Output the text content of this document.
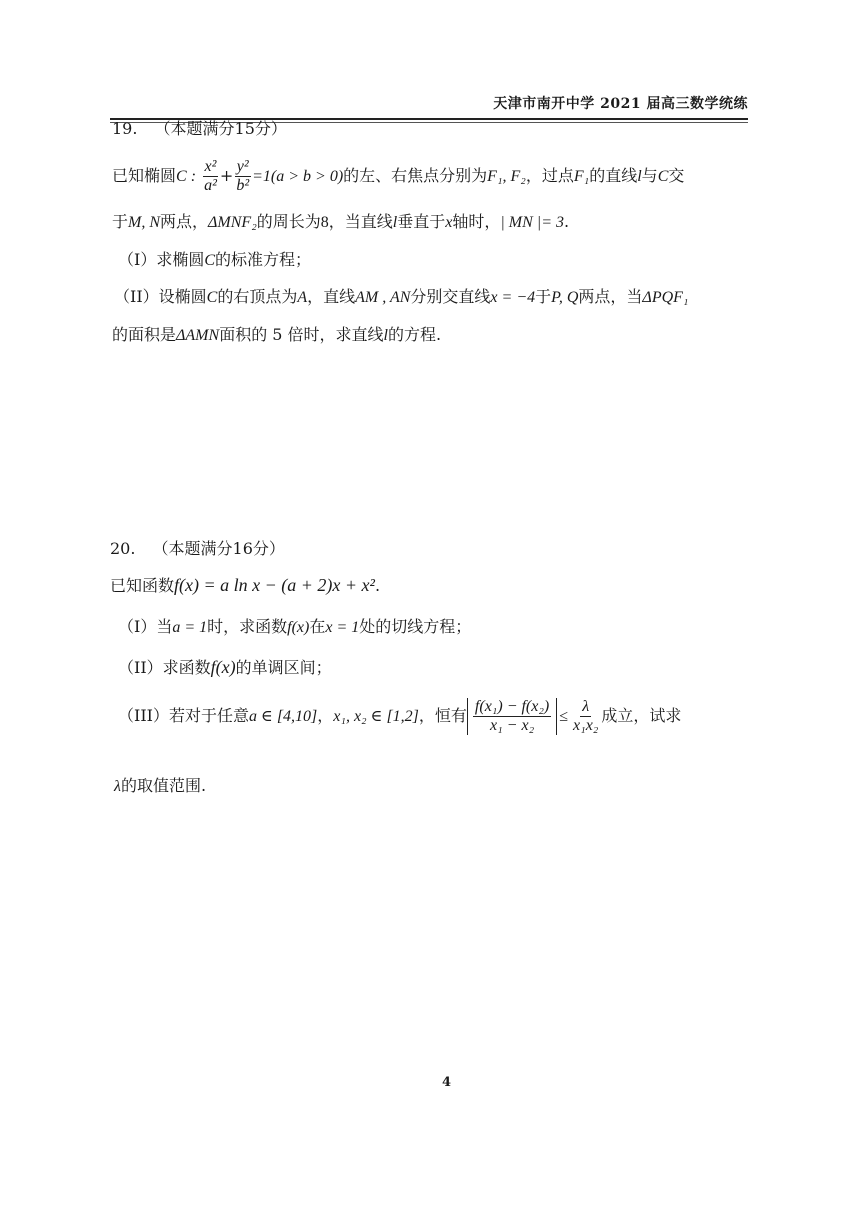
天津市南开中学 2021 届高三数学统练
19. （本题满分15分）
已知椭圆C : $\frac{\text{x²}}{\text{a²}} + \frac{\text{y²}}{\text{b²}} =1(a > b > 0)$的左、右焦点分别为F₁, F₂，过点F₁的直线l与C交
于M, N两点，ΔMNF₂的周长为8，当直线l垂直于x轴时，| MN |= 3.
（I）求椭圆C的标准方程；
（II）设椭圆C的右顶点为A，直线AM , AN分别交直线x = −4于P, Q两点，当ΔPQF₁
的面积是ΔAMN面积的 5 倍时，求直线l的方程.
20. （本题满分16分）
已知函数f(x) = a ln x − (a + 2)x + x².
（I）当a = 1时，求函数f(x)在x = 1处的切线方程；
（II）求函数f(x)的单调区间；
（III）若对于任意a ∈ [4,10]，x₁, x₂ ∈ [1,2]，恒有 $\frac{\text{f(x₁) − f(x₂)}}{\text{x₁ − x₂}} \le \frac{\lambda}{\text{x₁x₂}}$ 成立，试求
λ的取值范围.
4
